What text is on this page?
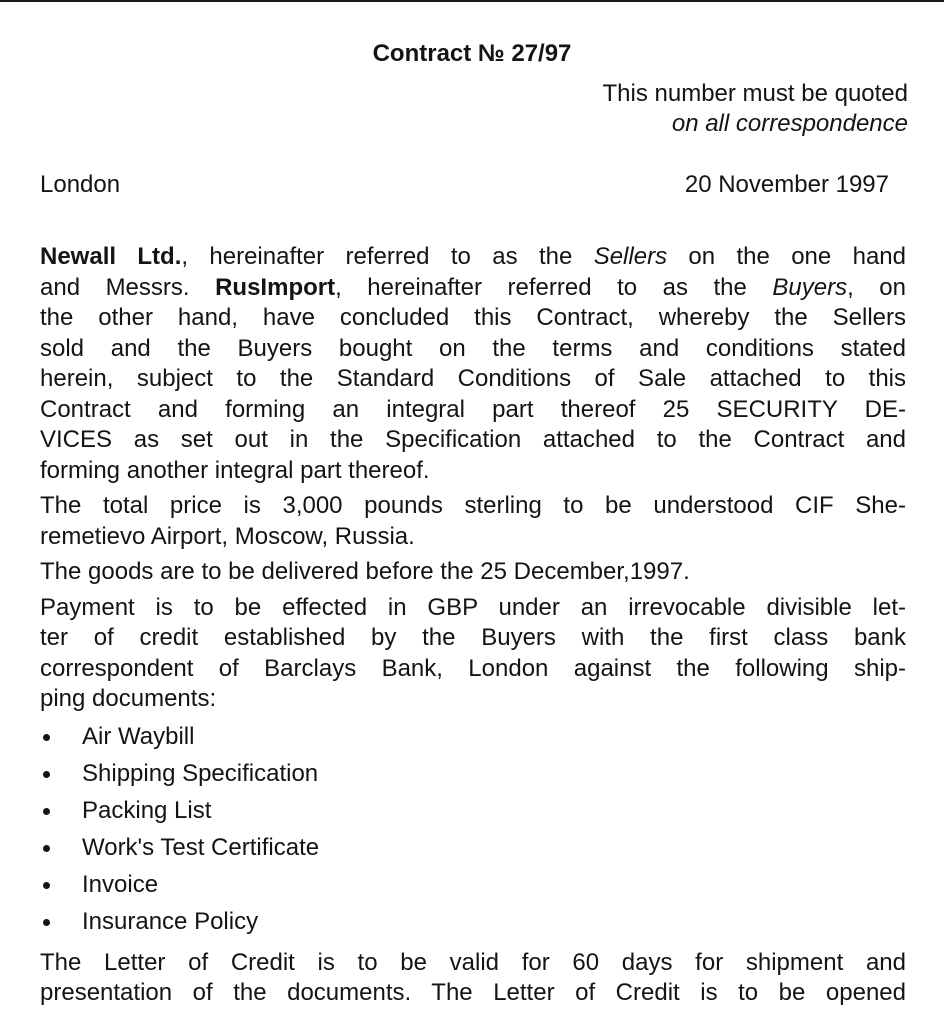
Contract № 27/97
This number must be quoted
on all correspondence
London	20 November 1997
Newall Ltd., hereinafter referred to as the Sellers on the one hand
and Messrs. RusImport, hereinafter referred to as the Buyers, on
the other hand, have concluded this Contract, whereby the Sellers
sold and the Buyers bought on the terms and conditions stated
herein, subject to the Standard Conditions of Sale attached to this
Contract and forming an integral part thereof 25 SECURITY DE-
VICES as set out in the Specification attached to the Contract and
forming another integral part thereof.
The total price is 3,000 pounds sterling to be understood CIF She-
remetievo Airport, Moscow, Russia.
The goods are to be delivered before the 25 December,1997.
Payment is to be effected in GBP under an irrevocable divisible let-
ter of credit established by the Buyers with the first class bank
correspondent of Barclays Bank, London against the following ship-
ping documents:
Air Waybill
Shipping Specification
Packing List
Work's Test Certificate
Invoice
Insurance Policy
The Letter of Credit is to be valid for 60 days for shipment and
presentation of the documents. The Letter of Credit is to be opened
